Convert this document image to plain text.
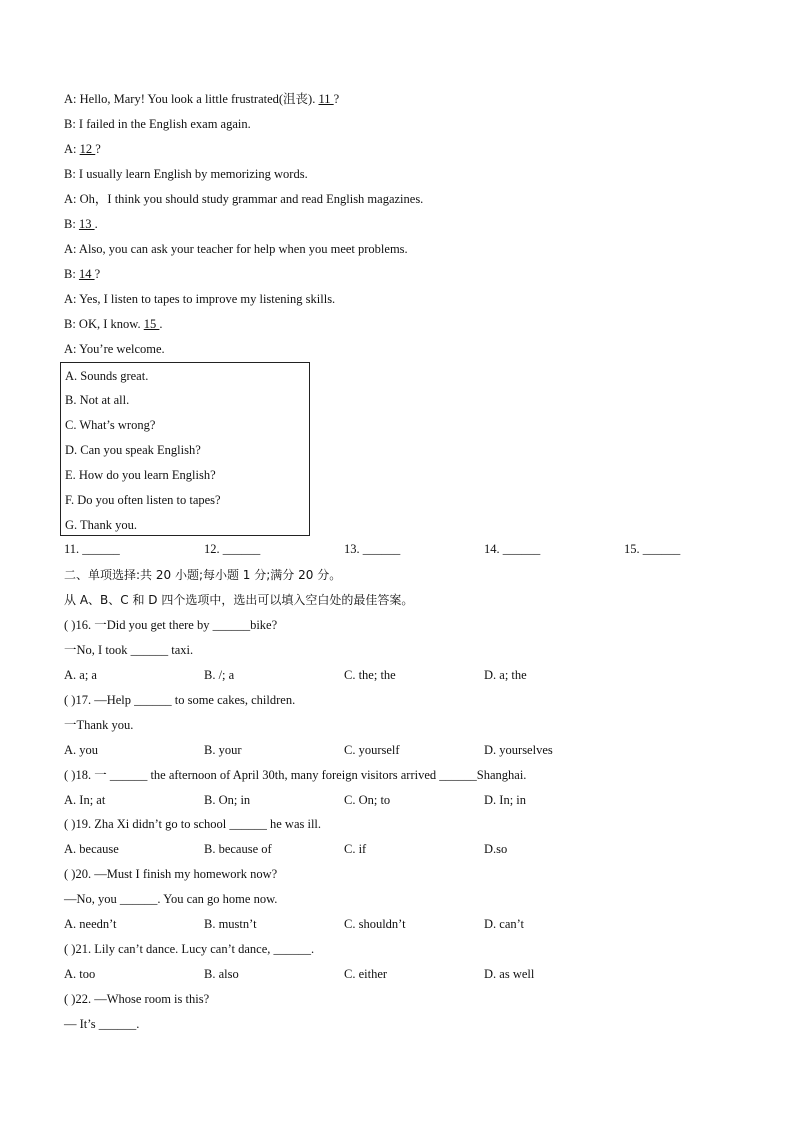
A: Hello, Mary! You look a little frustrated(沮丧). 11 ?
B: I failed in the English exam again.
A: 12 ?
B: I usually learn English by memorizing words.
A: Oh，I think you should study grammar and read English magazines.
B: 13 .
A: Also, you can ask your teacher for help when you meet problems.
B: 14 ?
A: Yes, I listen to tapes to improve my listening skills.
B: OK, I know. 15 .
A: You’re welcome.
A. Sounds great.
B. Not at all.
C. What’s wrong?
D. Can you speak English?
E. How do you learn English?
F. Do you often listen to tapes?
G. Thank you.
11. ______	12. ______	13. ______	14. ______	15. ______
二、单项选择:共 20 小题;每小题 1 分;满分 20 分。
从 A、B、C 和 D 四个选项中，选出可以填入空白处的最佳答案。
( )16. 一Did you get there by ______bike?
一No, I took ______ taxi.
A. a; a	B. /; a	C. the; the	D. a; the
( )17. —Help ______ to some cakes, children.
一Thank you.
A. you	B. your	C. yourself	D. yourselves
( )18. 一 ______ the afternoon of April 30th, many foreign visitors arrived ______Shanghai.
A. In; at	B. On; in	C. On; to	D. In; in
( )19. Zha Xi didn’t go to school ______ he was ill.
A. because	B. because of	C. if	D.so
( )20. —Must I finish my homework now?
—No, you ______. You can go home now.
A. needn’t	B. mustn’t	C. shouldn’t	D. can’t
( )21. Lily can’t dance. Lucy can’t dance, ______.
A. too	B. also	C. either	D. as well
( )22. —Whose room is this?
— It’s ______.
